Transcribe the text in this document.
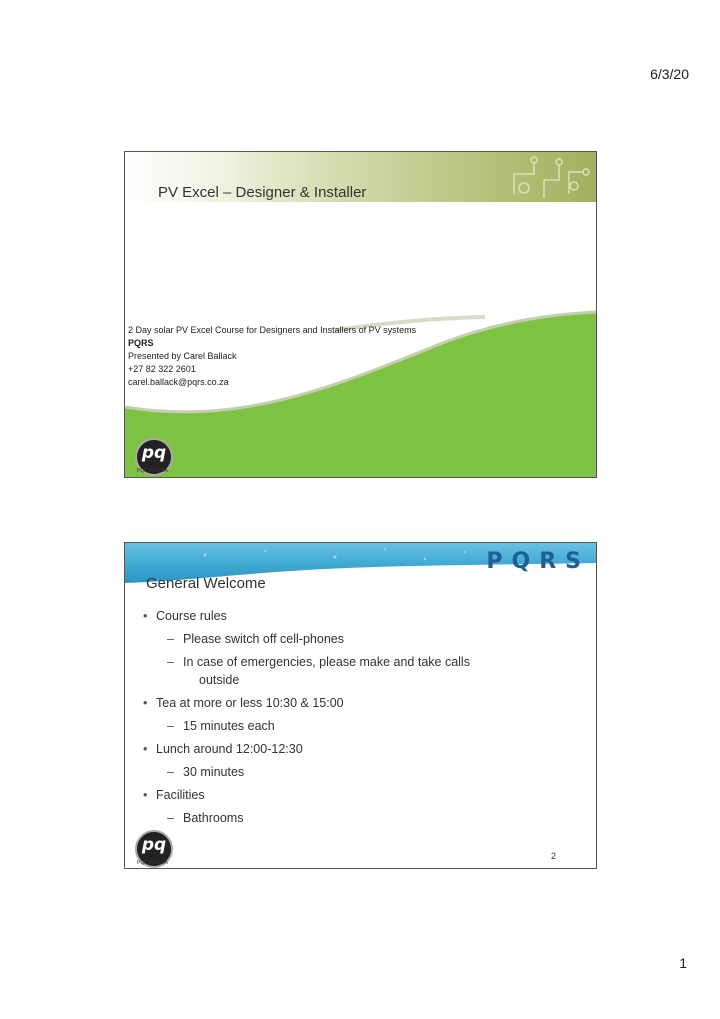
6/3/20
PV Excel – Designer & Installer
2 Day solar PV Excel Course for Designers and Installers of PV systems
PQRS
Presented by Carel Ballack
+27 82 322 2601
carel.ballack@pqrs.co.za
pq
PQRS.CO.ZA
PQRS
General Welcome
• Course rules
– Please switch off cell-phones
– In case of emergencies, please make and take calls
outside
• Tea at more or less 10:30 & 15:00
– 15 minutes each
• Lunch around 12:00-12:30
– 30 minutes
• Facilities
– Bathrooms
pq
PQRS.CO.ZA
2
1
